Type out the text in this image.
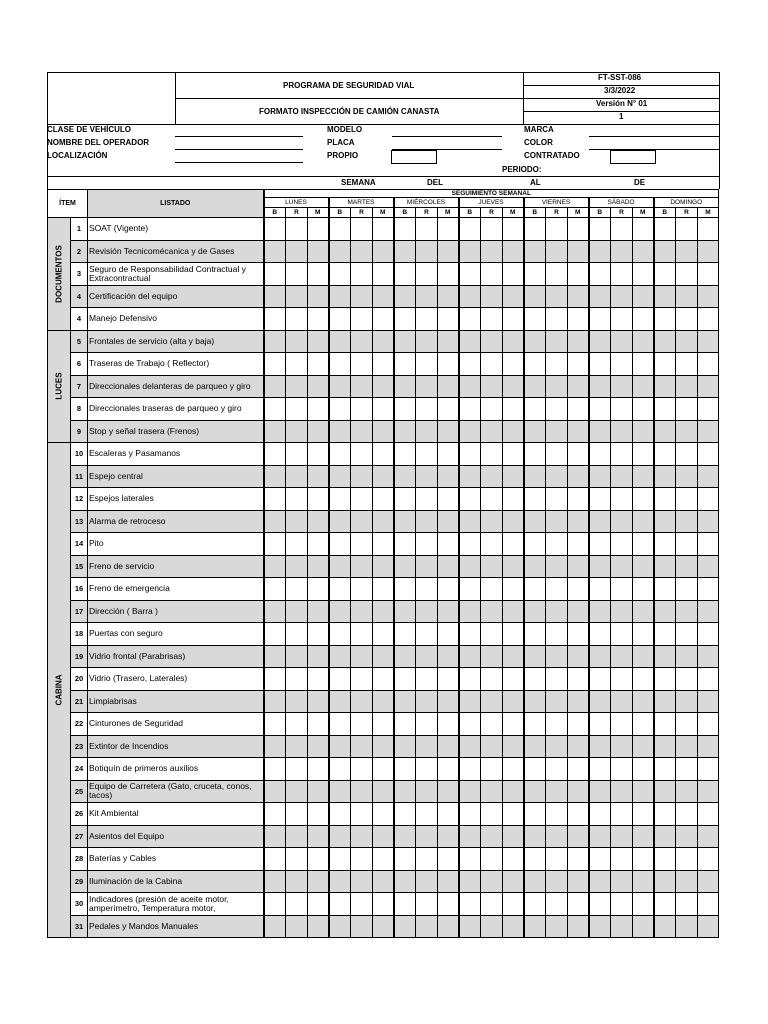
PROGRAMA DE SEGURIDAD VIAL
FORMATO INSPECCIÓN DE CAMIÓN CANASTA
FT-SST-086
3/3/2022
Versión N° 01
1
CLASE DE VEHÍCULO
NOMBRE DEL OPERADOR
LOCALIZACIÓN
MODELO
PLACA
PROPIO
MARCA
COLOR
CONTRATADO
PERIODO:
SEMANA	DEL	AL	DE
ÍTEM		LISTADO	SEGUIMIENTO SEMANAL																				
			LUNES			MARTES			MIÉRCOLES			JUEVES			VIERNES			SÁBADO			DOMINGO		
			B	R	M	B	R	M	B	R	M	B	R	M	B	R	M	B	R	M	B	R	M

DOCUMENTOS	1	SOAT (Vigente)																					
	2	Revisión Tecnicomécanica y de Gases																					
	3	Seguro de Responsabilidad Contractual y Extracontractual																					
	4	Certificación del equipo																					
	4	Manejo Defensivo																					

LUCES	5	Frontales de servicio (alta y baja)																					
	6	Traseras de Trabajo ( Reflector)																					
	7	Direccionales delanteras de parqueo y giro																					
	8	Direccionales traseras de parqueo y giro																					
	9	Stop y señal trasera (Frenos)																					

CABINA	10	Escaleras y Pasamanos																					
	11	Espejo central																					
	12	Espejos laterales																					
	13	Alarma de retroceso																					
	14	Pito																					
	15	Freno de servicio																					
	16	Freno de emergencia																					
	17	Dirección ( Barra )																					
	18	Puertas con seguro																					
	19	Vidrio frontal (Parabrisas)																					
	20	Vidrio (Trasero, Laterales)																					
	21	Limpiabrisas																					
	22	Cinturones de Seguridad																					
	23	Extintor de Incendios																					
	24	Botiquín de primeros auxilios																					
	25	Equipo de Carretera (Gato, cruceta, conos, tacos)																					
	26	Kit Ambiental																					
	27	Asientos del Equipo																					
	28	Baterías y Cables																					
	29	Iluminación de la Cabina																					
	30	Indicadores (presión de aceite motor, amperímetro, Temperatura motor,																					
	31	Pedales y Mandos Manuales																					
